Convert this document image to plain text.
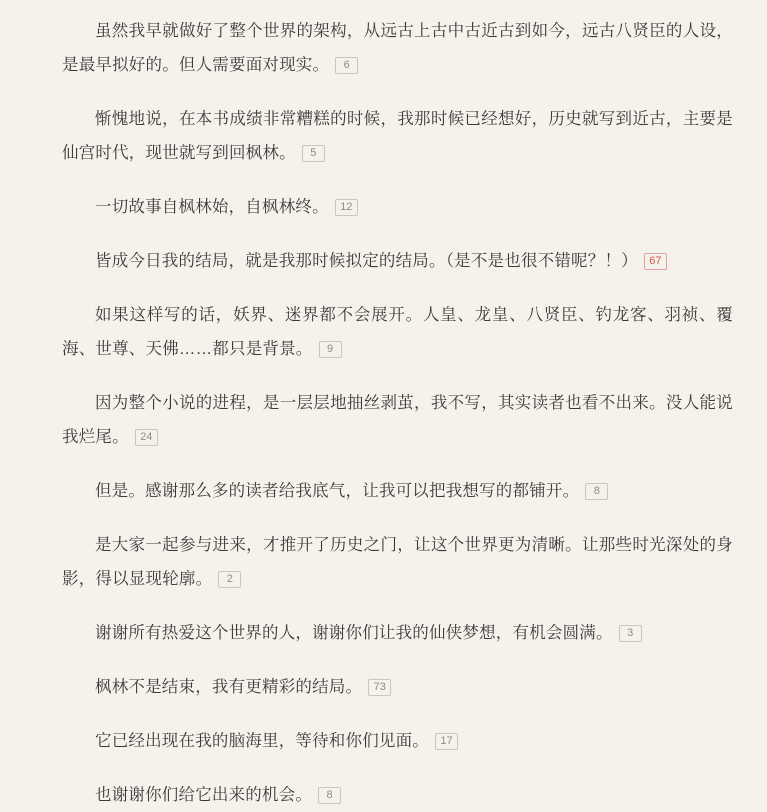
虽然我早就做好了整个世界的架构，从远古上古中古近古到如今，远古八贤臣的人设，是最早拟好的。但人需要面对现实。 6

惭愧地说，在本书成绩非常糟糕的时候，我那时候已经想好，历史就写到近古，主要是仙宫时代，现世就写到回枫林。 5

一切故事自枫林始，自枫林终。 12

皆成今日我的结局，就是我那时候拟定的结局。（是不是也很不错呢？！） 67

如果这样写的话，妖界、迷界都不会展开。人皇、龙皇、八贤臣、钓龙客、羽祯、覆海、世尊、天佛……都只是背景。 9

因为整个小说的进程，是一层层地抽丝剥茧，我不写，其实读者也看不出来。没人能说我烂尾。 24

但是。感谢那么多的读者给我底气，让我可以把我想写的都铺开。 8

是大家一起参与进来，才推开了历史之门，让这个世界更为清晰。让那些时光深处的身影，得以显现轮廓。 2

谢谢所有热爱这个世界的人，谢谢你们让我的仙侠梦想，有机会圆满。 3

枫林不是结束，我有更精彩的结局。 73

它已经出现在我的脑海里，等待和你们见面。 17

也谢谢你们给它出来的机会。 8
